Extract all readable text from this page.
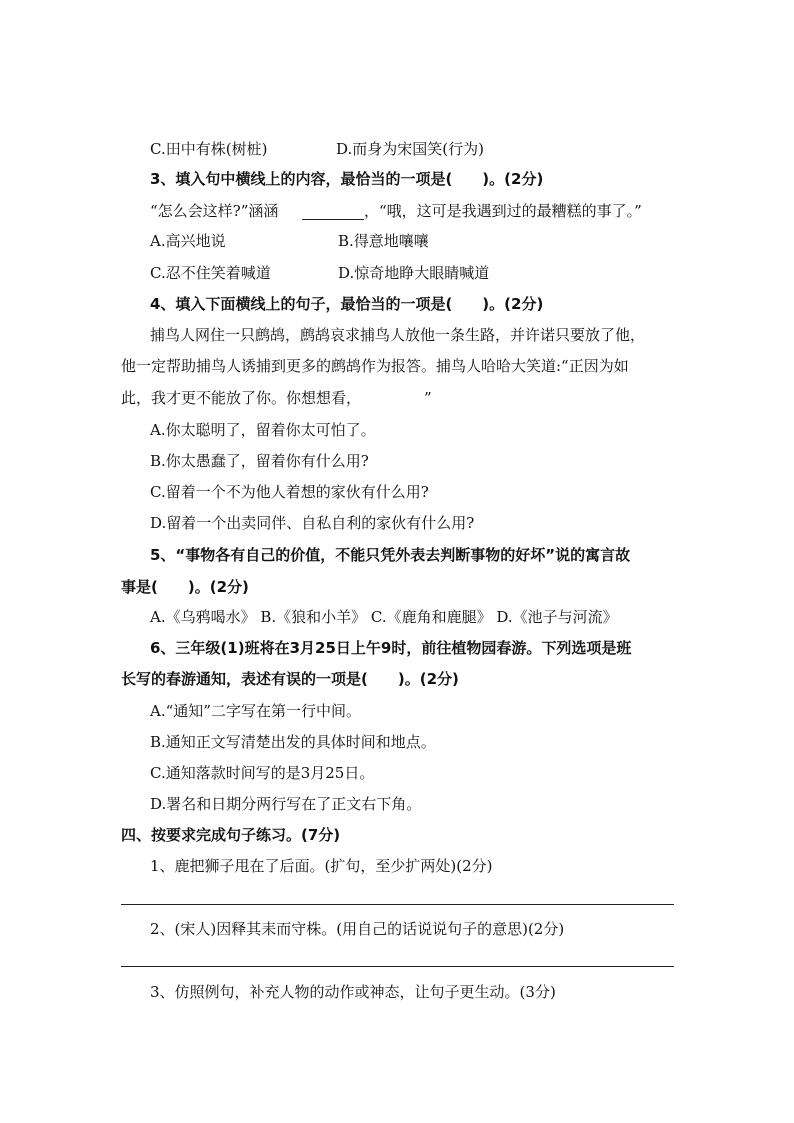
C.田中有株(树桩)	D.而身为宋国笑(行为)
3、填入句中横线上的内容，最恰当的一项是(　　)。(2分)
“怎么会这样?”涵涵	，“哦，这可是我遇到过的最糟糕的事了。”
A.高兴地说	B.得意地嚷嚷
C.忍不住笑着喊道	D.惊奇地睁大眼睛喊道
4、填入下面横线上的句子，最恰当的一项是(　　)。(2分)
捕鸟人网住一只鹧鸪，鹧鸪哀求捕鸟人放他一条生路，并许诺只要放了他，
他一定帮助捕鸟人诱捕到更多的鹧鸪作为报答。捕鸟人哈哈大笑道:“正因为如
此，我才更不能放了你。你想想看，	”
A.你太聪明了，留着你太可怕了。
B.你太愚蠢了，留着你有什么用?
C.留着一个不为他人着想的家伙有什么用?
D.留着一个出卖同伴、自私自利的家伙有什么用?
5、“事物各有自己的价值，不能只凭外表去判断事物的好坏”说的寓言故
事是(　　)。(2分)
A.《乌鸦喝水》 B.《狼和小羊》 C.《鹿角和鹿腿》 D.《池子与河流》
6、三年级(1)班将在3月25日上午9时，前往植物园春游。下列选项是班
长写的春游通知，表述有误的一项是(　　)。(2分)
A.“通知”二字写在第一行中间。
B.通知正文写清楚出发的具体时间和地点。
C.通知落款时间写的是3月25日。
D.署名和日期分两行写在了正文右下角。
四、按要求完成句子练习。(7分)
1、鹿把狮子甩在了后面。(扩句，至少扩两处)(2分)
2、(宋人)因释其耒而守株。(用自己的话说说句子的意思)(2分)
3、仿照例句，补充人物的动作或神态，让句子更生动。(3分)
